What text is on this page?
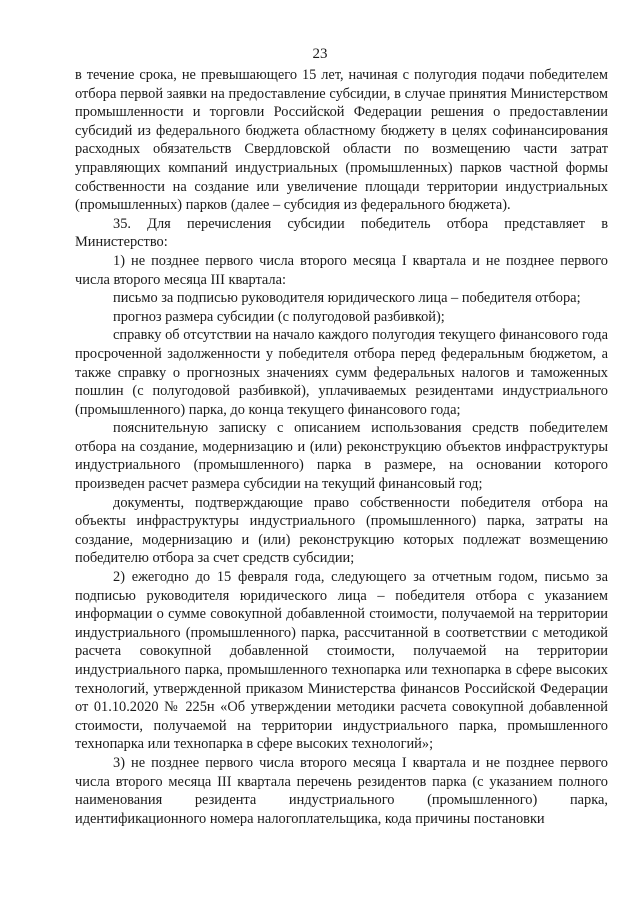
23

в течение срока, не превышающего 15 лет, начиная с полугодия подачи победителем отбора первой заявки на предоставление субсидии, в случае принятия Министерством промышленности и торговли Российской Федерации решения о предоставлении субсидий из федерального бюджета областному бюджету в целях софинансирования расходных обязательств Свердловской области по возмещению части затрат управляющих компаний индустриальных (промышленных) парков частной формы собственности на создание или увеличение площади территории индустриальных (промышленных) парков (далее – субсидия из федерального бюджета).

35. Для перечисления субсидии победитель отбора представляет в Министерство:

1) не позднее первого числа второго месяца I квартала и не позднее первого числа второго месяца III квартала:

письмо за подписью руководителя юридического лица – победителя отбора;

прогноз размера субсидии (с полугодовой разбивкой);

справку об отсутствии на начало каждого полугодия текущего финансового года просроченной задолженности у победителя отбора перед федеральным бюджетом, а также справку о прогнозных значениях сумм федеральных налогов и таможенных пошлин (с полугодовой разбивкой), уплачиваемых резидентами индустриального (промышленного) парка, до конца текущего финансового года;

пояснительную записку с описанием использования средств победителем отбора на создание, модернизацию и (или) реконструкцию объектов инфраструктуры индустриального (промышленного) парка в размере, на основании которого произведен расчет размера субсидии на текущий финансовый год;

документы, подтверждающие право собственности победителя отбора на объекты инфраструктуры индустриального (промышленного) парка, затраты на создание, модернизацию и (или) реконструкцию которых подлежат возмещению победителю отбора за счет средств субсидии;

2) ежегодно до 15 февраля года, следующего за отчетным годом, письмо за подписью руководителя юридического лица – победителя отбора с указанием информации о сумме совокупной добавленной стоимости, получаемой на территории индустриального (промышленного) парка, рассчитанной в соответствии с методикой расчета совокупной добавленной стоимости, получаемой на территории индустриального парка, промышленного технопарка или технопарка в сфере высоких технологий, утвержденной приказом Министерства финансов Российской Федерации от 01.10.2020 № 225н «Об утверждении методики расчета совокупной добавленной стоимости, получаемой на территории индустриального парка, промышленного технопарка или технопарка в сфере высоких технологий»;

3) не позднее первого числа второго месяца I квартала и не позднее первого числа второго месяца III квартала перечень резидентов парка (с указанием полного наименования резидента индустриального (промышленного) парка, идентификационного номера налогоплательщика, кода причины постановки
